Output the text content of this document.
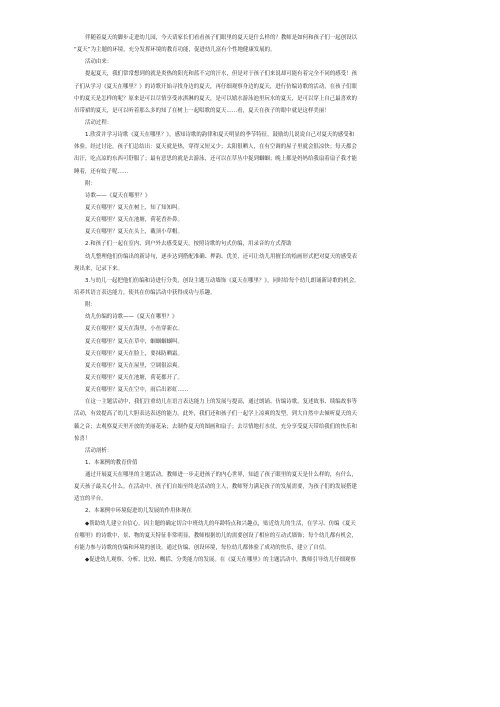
伴随着夏天的脚步走进幼儿园，今天请家长们看看孩子们眼里的夏天是什么样的？教师是如何和孩子们一起创设以

“夏天”为主题的环境，充分发挥环境的教育功能，促进幼儿富有个性地健康发展的。

活动由来：

提起夏天，我们常常想到的就是炎热的阳光和蓝不完的汗水，但是对于孩子们来说却可能有着完全不同的感受！孩

子们从学习《夏天在哪里？》的诗歌开始寻找身边的夏天，再仔细观察身边的夏天，进行仿编诗歌的活动，在孩子们眼

中的夏天是怎样的呢？原来是可以尽情享受冰淇淋的夏天，是可以嬉水游泳池里玩水的夏天，是可以穿上自己最喜欢的

吊带裙的夏天，是可以听着那么多的知了在树上一起唱歌的夏天……看，夏天在孩子的眼中就是这样美丽！

活动过程：

1.欣赏并学习诗歌《夏天在哪里？》，感知诗歌的韵律和夏天明显的季节特征，鼓励幼儿说说自己对夏天的感受和

体验。经过讨论，孩子们总结出：夏天就是热，穿得又短又少；太阳很晒人，在有空调的屋子里就会很凉快；每天都会

出汗，吃点凉的东西可舒服了；最有意思的就是去游泳，还可以在草丛中捉到蝈蝈；晚上都是妈妈给我扇着扇子我才能

睡着，还有蚊子呢……

附：

诗歌——《夏天在哪里？》

夏天在哪里？夏天在树上，知了知知叫。

夏天在哪里？夏天在池塘，荷花香扑鼻。

夏天在哪里？夏天在头上，戴顶小草帽。

2.和孩子们一起在室内、到户外去感受夏天，按照诗歌的句式仿编，用录音的方式帮助

幼儿整理他们仿编出的新诗句，逐步达到搭配准确、押韵、优美，还可让幼儿用擅长的绘画形式把对夏天的感受表

现出来，记录下来。

3.与幼儿一起把他们仿编和诗进行分类，创设主题互动墙饰《夏天在哪里？》，同时给每个幼儿朗诵新诗歌的机会，

培养其语言表达能力，使其在仿编活动中获得成功与乐趣。

附：

幼儿仿编的诗歌——《夏天在哪里？》

夏天在哪里？夏天在海里，小鱼穿新衣。

夏天在哪里？夏天在草中，蝈蝈蝈蝈叫。

夏天在哪里？夏天在脸上，要抹防晒霜。

夏天在哪里？夏天在屋里，空调很凉爽。

夏天在哪里？夏天在池塘，荷花都开了。

夏天在哪里？夏天在空中，雨后出彩虹……

在这一主题活动中，我们注重幼儿在语言表达能力上的发展与提高，通过朗诵、仿编诗歌，复述故事、续编故事等

活动，有效提高了幼儿大胆表达表述的能力。此外，我们还和孩子们一起学上凉爽的发型，到大自然中去倾听夏天的天

籁之音；去观察夏天里开放的美丽花朵；去制作夏天的图画和扇子；去尽情地打水仗，充分享受夏天带给我们的快乐和

惊喜！

活动剖析：

1、本案例的教育价值

通过开展夏天在哪里的主题活动，教师进一步走进孩子的内心世界，知道了孩子眼里的夏天是什么样的，有什么，

夏天孩子最关心什么。在活动中，孩子们自始至终是活动的主人，教师努力满足孩子的发展需要，为孩子们的发展搭建

适宜的平台。

2、本案例中环境促进幼儿发展的作用体现在

◆帮助幼儿建立自信心。因主题的确定切合中班幼儿的年龄特点和兴趣点，贴近幼儿的生活，在学习、仿编《夏天

在哪里》的诗歌中，景、物的夏天特征非常明显，教师根据幼儿的需要创设了相应的互动式墙饰；每个幼儿都有机会，

有能力参与诗歌的仿编和环境的创设。通过仿编、创设环境，每位幼儿都体验了成功的快乐，建立了自信。

◆促进幼儿观察、分析、比较、概括、分类能力的发展。在《夏天在哪里》的主题活动中，教师引导幼儿仔细观察
